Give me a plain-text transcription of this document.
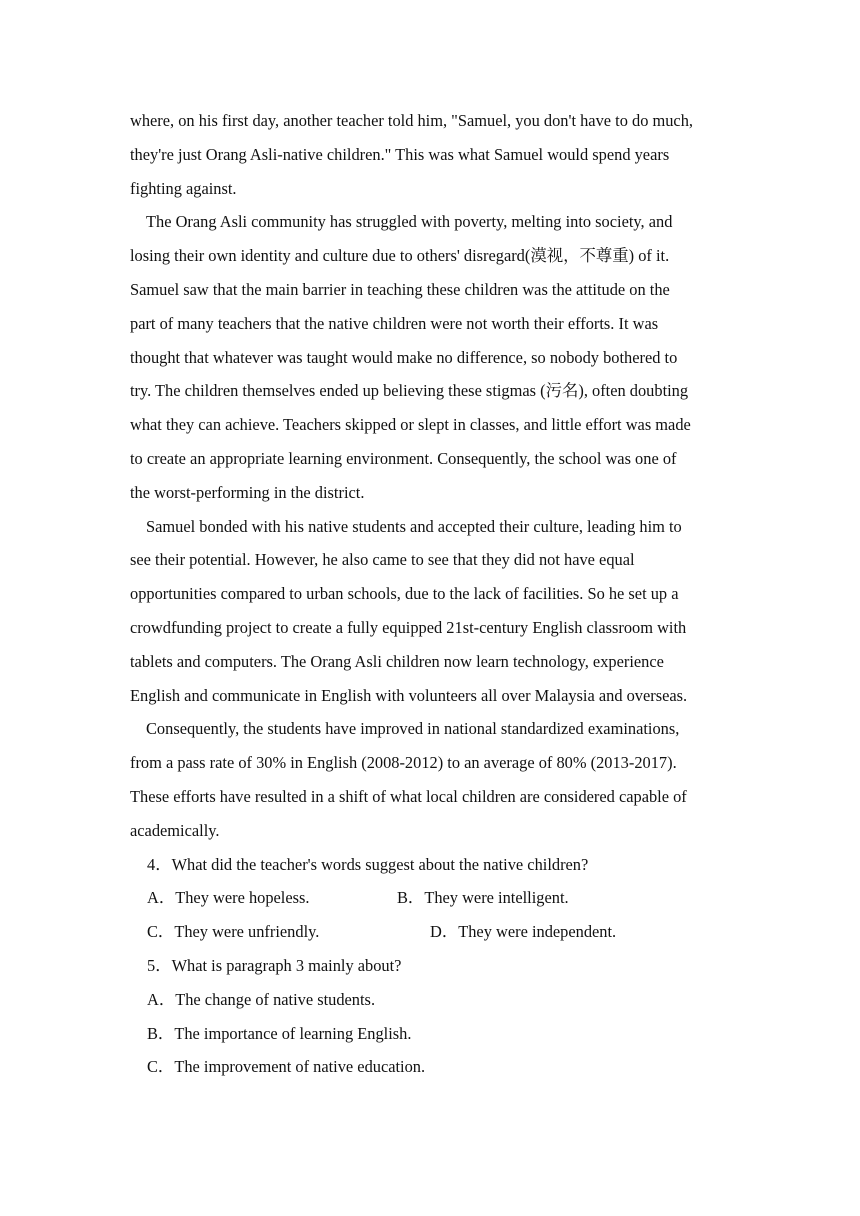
where, on his first day, another teacher told him, "Samuel, you don't have to do much,
they're just Orang Asli-native children." This was what Samuel would spend years
fighting against.
The Orang Asli community has struggled with poverty, melting into society, and
losing their own identity and culture due to others' disregard(漠视，不尊重) of it.
Samuel saw that the main barrier in teaching these children was the attitude on the
part of many teachers that the native children were not worth their efforts. It was
thought that whatever was taught would make no difference, so nobody bothered to
try. The children themselves ended up believing these stigmas (污名), often doubting
what they can achieve. Teachers skipped or slept in classes, and little effort was made
to create an appropriate learning environment. Consequently, the school was one of
the worst-performing in the district.
Samuel bonded with his native students and accepted their culture, leading him to
see their potential. However, he also came to see that they did not have equal
opportunities compared to urban schools, due to the lack of facilities. So he set up a
crowdfunding project to create a fully equipped 21st-century English classroom with
tablets and computers. The Orang Asli children now learn technology, experience
English and communicate in English with volunteers all over Malaysia and overseas.
Consequently, the students have improved in national standardized examinations,
from a pass rate of 30% in English (2008-2012) to an average of 80% (2013-2017).
These efforts have resulted in a shift of what local children are considered capable of
academically.
4．What did the teacher's words suggest about the native children?
A．They were hopeless.	B．They were intelligent.
C．They were unfriendly.	D．They were independent.
5．What is paragraph 3 mainly about?
A．The change of native students.
B．The importance of learning English.
C．The improvement of native education.
